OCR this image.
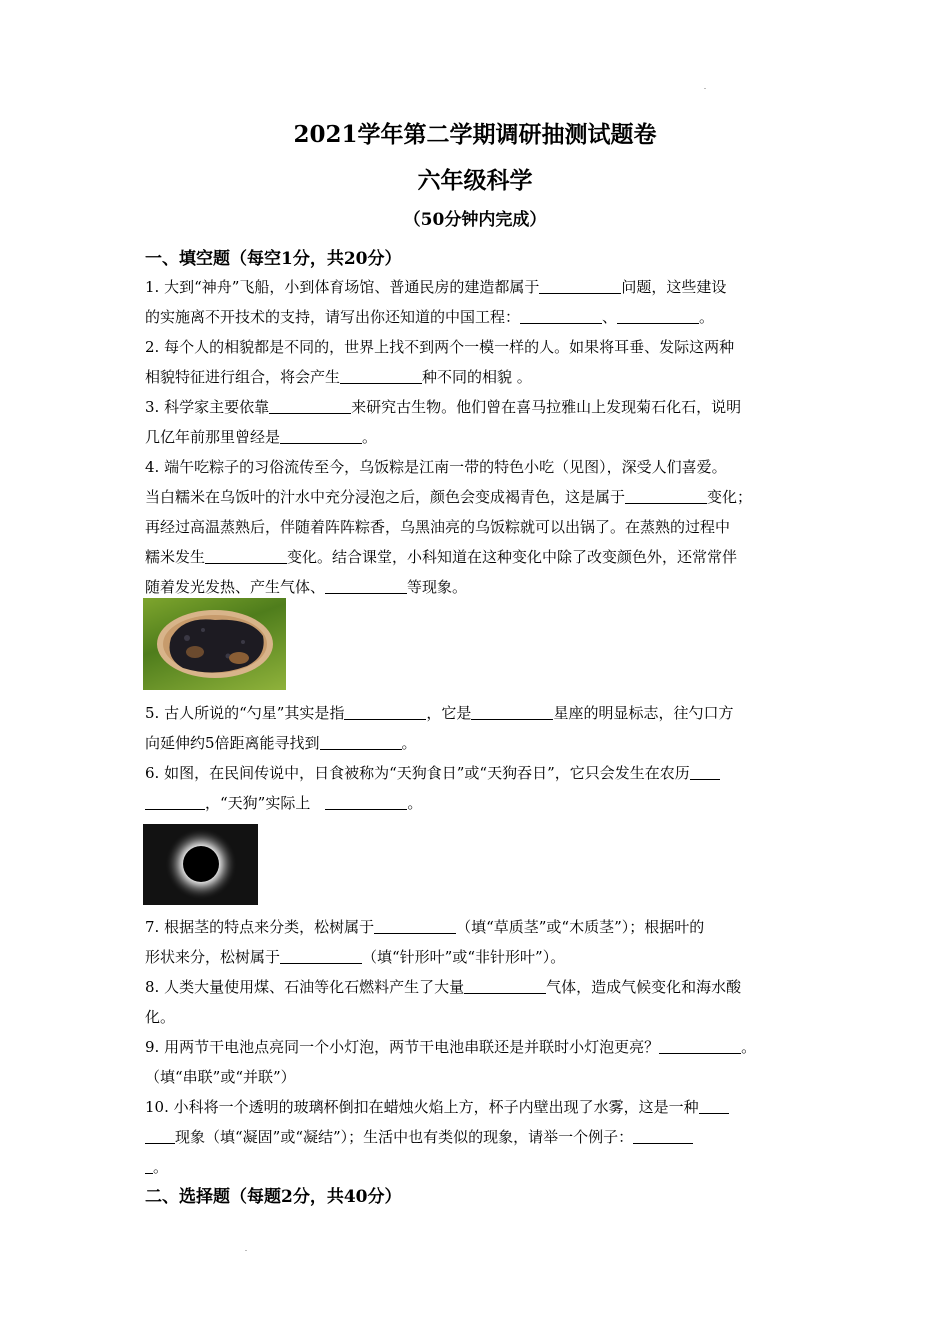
2021学年第二学期调研抽测试题卷
六年级科学
（50分钟内完成）
一、填空题（每空1分，共20分）
1. 大到“神舟”飞船，小到体育场馆、普通民房的建造都属于	问题，这些建设
的实施离不开技术的支持，请写出你还知道的中国工程：	、	。
2. 每个人的相貌都是不同的，世界上找不到两个一模一样的人。如果将耳垂、发际这两种
相貌特征进行组合，将会产生	种不同的相貌 。
3. 科学家主要依靠	来研究古生物。他们曾在喜马拉雅山上发现菊石化石，说明
几亿年前那里曾经是	。
4. 端午吃粽子的习俗流传至今，乌饭粽是江南一带的特色小吃（见图），深受人们喜爱。
当白糯米在乌饭叶的汁水中充分浸泡之后，颜色会变成褐青色，这是属于	变化；
再经过高温蒸熟后，伴随着阵阵粽香，乌黑油亮的乌饭粽就可以出锅了。在蒸熟的过程中
糯米发生	变化。结合课堂，小科知道在这种变化中除了改变颜色外，还常常伴
随着发光发热、产生气体、	等现象。
5. 古人所说的“勺星”其实是指	，它是	星座的明显标志，往勺口方
向延伸约5倍距离能寻找到	。
6. 如图，在民间传说中，日食被称为“天狗食日”或“天狗吞日”，它只会发生在农历
，“天狗”实际上　	。
7. 根据茎的特点来分类，松树属于	（填“草质茎”或“木质茎”）；根据叶的
形状来分，松树属于	（填“针形叶”或“非针形叶”）。
8. 人类大量使用煤、石油等化石燃料产生了大量	气体，造成气候变化和海水酸
化。
9. 用两节干电池点亮同一个小灯泡，两节干电池串联还是并联时小灯泡更亮？	。
（填“串联”或“并联”）
10. 小科将一个透明的玻璃杯倒扣在蜡烛火焰上方，杯子内壁出现了水雾，这是一种
现象（填“凝固”或“凝结”）；生活中也有类似的现象，请举一个例子：
。
二、选择题（每题2分，共40分）
